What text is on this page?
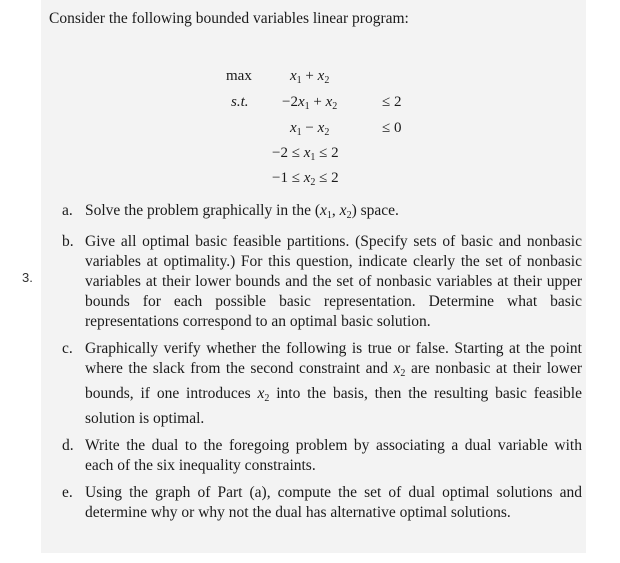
3.
Consider the following bounded variables linear program:
max	$x_1 + x_2$
s.t. $-2x_1 + x_2$	≤ 2
$x_1 - x_2$	≤ 0
$-2 \le x_1 \le 2$
$-1 \le x_2 \le 2$
a. Solve the problem graphically in the ($x_1$, $x_2$) space.
b. Give all optimal basic feasible partitions. (Specify sets of basic and nonbasic variables at optimality.) For this question, indicate clearly the set of nonbasic variables at their lower bounds and the set of nonbasic variables at their upper bounds for each possible basic representation. Determine what basic representations correspond to an optimal basic solution.
c. Graphically verify whether the following is true or false. Starting at the point where the slack from the second constraint and $x_2$ are nonbasic at their lower bounds, if one introduces $x_2$ into the basis, then the resulting basic feasible solution is optimal.
d. Write the dual to the foregoing problem by associating a dual variable with each of the six inequality constraints.
e. Using the graph of Part (a), compute the set of dual optimal solutions and determine why or why not the dual has alternative optimal solutions.
